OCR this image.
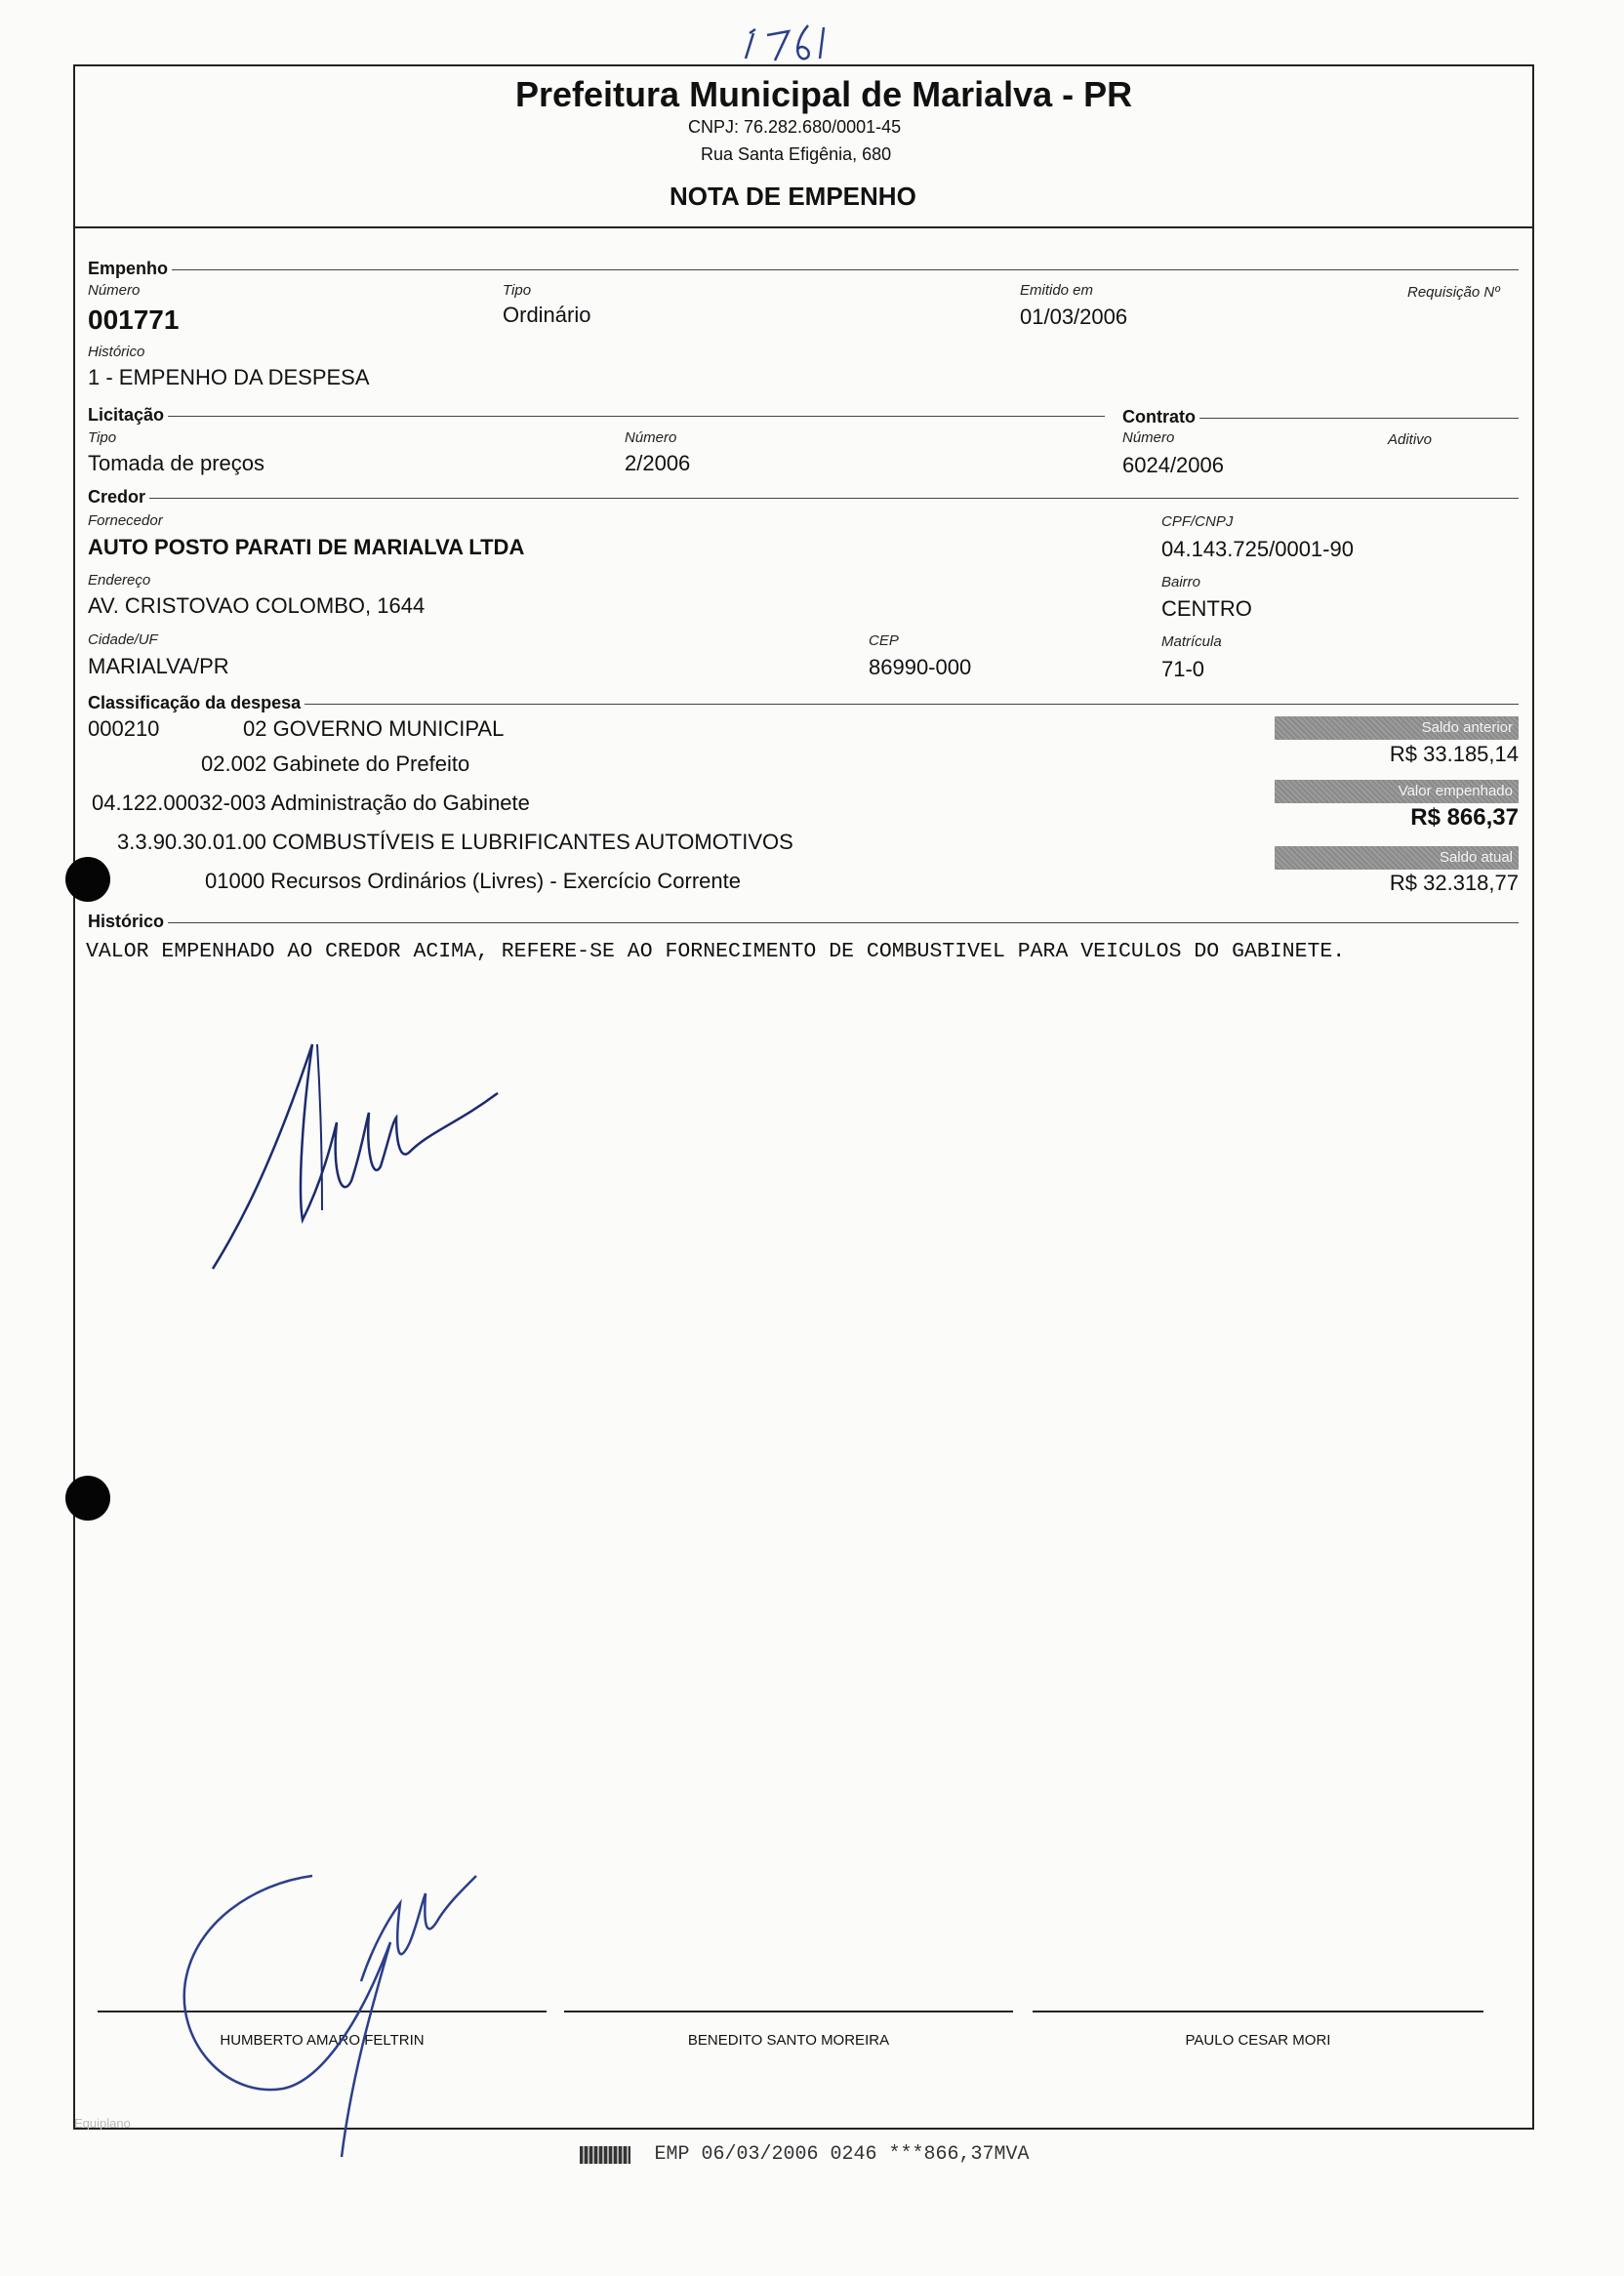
Prefeitura Municipal de Marialva - PR
CNPJ: 76.282.680/0001-45
Rua Santa Efigênia, 680
NOTA DE EMPENHO
Empenho
Número
001771
Tipo
Ordinário
Emitido em
01/03/2006
Requisição Nº
Histórico
1 - EMPENHO DA DESPESA
Licitação	Contrato
Tipo
Tomada de preços
Número
2/2006
Número
6024/2006
Aditivo
Credor
Fornecedor
AUTO POSTO PARATI DE MARIALVA LTDA
CPF/CNPJ
04.143.725/0001-90
Endereço
AV. CRISTOVAO COLOMBO, 1644
Bairro
CENTRO
Cidade/UF
MARIALVA/PR
CEP
86990-000
Matrícula
71-0
Classificação da despesa
000210	02 GOVERNO MUNICIPAL
02.002 Gabinete do Prefeito
04.122.00032-003 Administração do Gabinete
3.3.90.30.01.00 COMBUSTÍVEIS E LUBRIFICANTES AUTOMOTIVOS
01000 Recursos Ordinários (Livres) - Exercício Corrente
Saldo anterior
R$ 33.185,14
Valor empenhado
R$ 866,37
Saldo atual
R$ 32.318,77
Histórico
VALOR EMPENHADO AO CREDOR ACIMA, REFERE-SE AO FORNECIMENTO DE COMBUSTIVEL PARA VEICULOS DO GABINETE.
HUMBERTO AMARO FELTRIN	BENEDITO SANTO MOREIRA	PAULO CESAR MORI
Equiplano
EMP 06/03/2006 0246 ***866,37MVA
